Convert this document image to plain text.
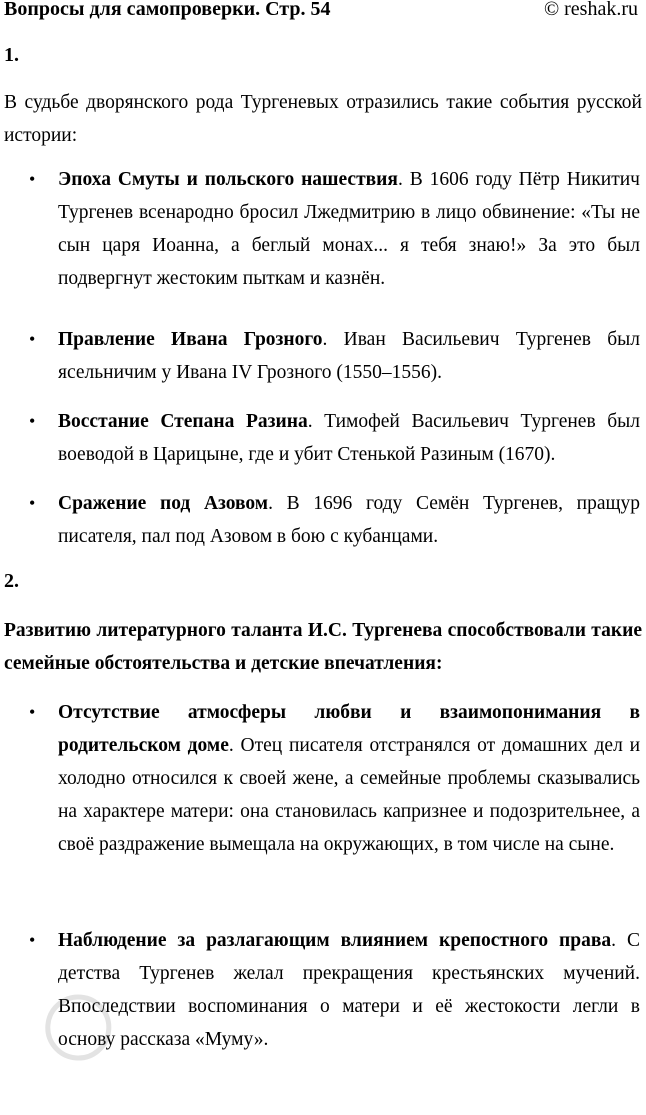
Вопросы для самопроверки. Стр. 54	© reshak.ru
1.

В судьбе дворянского рода Тургеневых отразились такие события русской истории:

• Эпоха Смуты и польского нашествия. В 1606 году Пётр Никитич Тургенев всенародно бросил Лжедмитрию в лицо обвинение: «Ты не сын царя Иоанна, а беглый монах... я тебя знаю!» За это был подвергнут жестоким пыткам и казнён.
• Правление Ивана Грозного. Иван Васильевич Тургенев был ясельничим у Ивана IV Грозного (1550–1556).
• Восстание Степана Разина. Тимофей Васильевич Тургенев был воеводой в Царицыне, где и убит Стенькой Разиным (1670).
• Сражение под Азовом. В 1696 году Семён Тургенев, пращур писателя, пал под Азовом в бою с кубанцами.
2.

Развитию литературного таланта И.С. Тургенева способствовали такие семейные обстоятельства и детские впечатления:

• Отсутствие атмосферы любви и взаимопонимания в родительском доме. Отец писателя отстранялся от домашних дел и холодно относился к своей жене, а семейные проблемы сказывались на характере матери: она становилась капризнее и подозрительнее, а своё раздражение вымещала на окружающих, в том числе на сыне.
• Наблюдение за разлагающим влиянием крепостного права. С детства Тургенев желал прекращения крестьянских мучений. Впоследствии воспоминания о матери и её жестокости легли в основу рассказа «Муму».
